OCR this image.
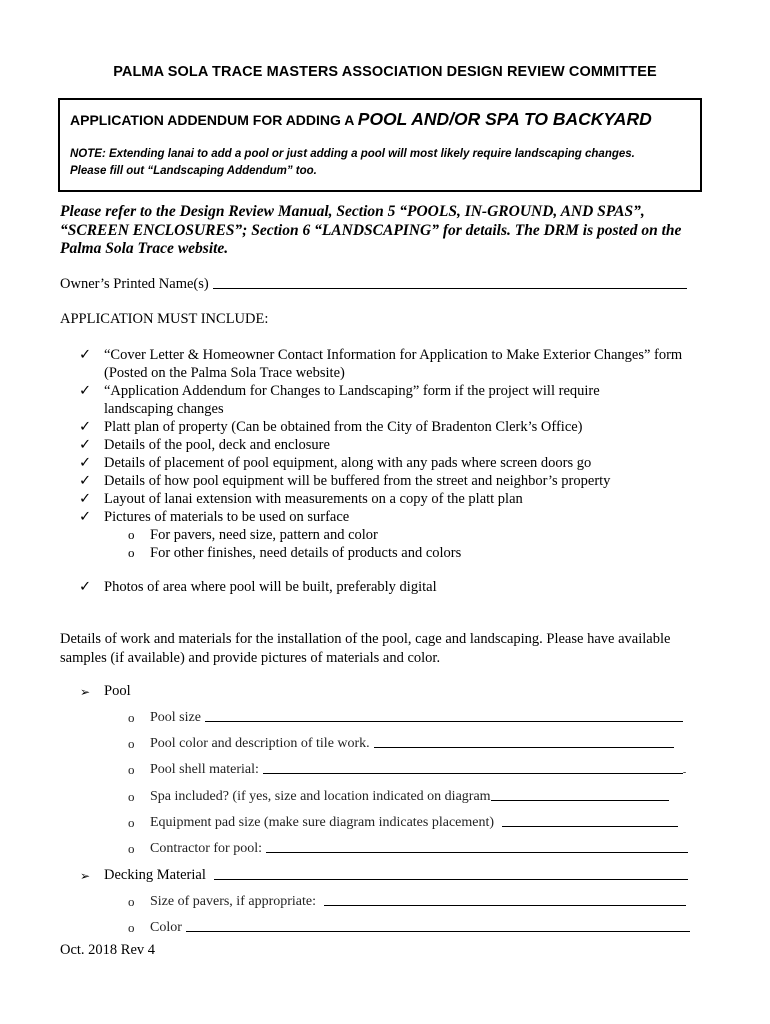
PALMA SOLA TRACE MASTERS ASSOCIATION DESIGN REVIEW COMMITTEE
APPLICATION ADDENDUM FOR ADDING A POOL AND/OR SPA TO BACKYARD
NOTE: Extending lanai to add a pool or just adding a pool will most likely require landscaping changes.
Please fill out “Landscaping Addendum” too.
Please refer to the Design Review Manual, Section 5 “POOLS, IN-GROUND, AND SPAS”, “SCREEN ENCLOSURES”; Section 6 “LANDSCAPING” for details. The DRM is posted on the Palma Sola Trace website.
Owner’s Printed Name(s)
APPLICATION MUST INCLUDE:
✓ “Cover Letter & Homeowner Contact Information for Application to Make Exterior Changes” form (Posted on the Palma Sola Trace website)
✓ “Application Addendum for Changes to Landscaping” form if the project will require landscaping changes
✓ Platt plan of property (Can be obtained from the City of Bradenton Clerk’s Office)
✓ Details of the pool, deck and enclosure
✓ Details of placement of pool equipment, along with any pads where screen doors go
✓ Details of how pool equipment will be buffered from the street and neighbor’s property
✓ Layout of lanai extension with measurements on a copy of the platt plan
✓ Pictures of materials to be used on surface
o	For pavers, need size, pattern and color
o	For other finishes, need details of products and colors
✓ Photos of area where pool will be built, preferably digital
Details of work and materials for the installation of the pool, cage and landscaping. Please have available samples (if available) and provide pictures of materials and color.
➢ Pool
o	Pool size
o	Pool color and description of tile work.
o	Pool shell material:	-
o	Spa included? (if yes, size and location indicated on diagram
o	Equipment pad size (make sure diagram indicates placement)
o	Contractor for pool:
➢ Decking Material
o	Size of pavers, if appropriate:
o	Color
Oct. 2018 Rev 4
